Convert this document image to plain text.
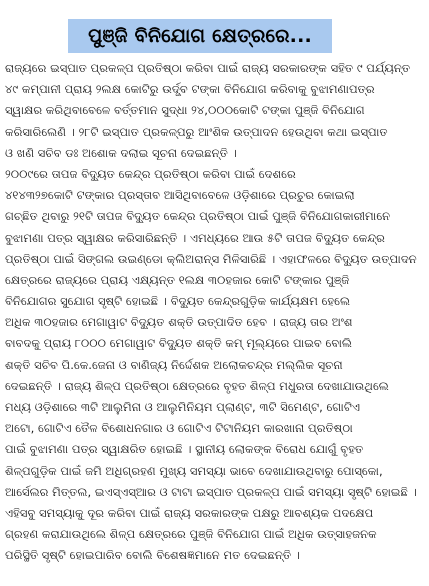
ପୁଞ୍ଜି ବିନିଯୋଗ କ୍ଷେତ୍ରରେ...
ରାଜ୍ୟରେ ଇସ୍ପାତ ପ୍ରକଳ୍ପ ପ୍ରତିଷ୍ଠା କରିବା ପାଇଁ ରାଜ୍ୟ ସରକାରଙ୍କ ସହିତ ୯ ପର୍ଯ୍ୟନ୍ତ
୪୯ କମ୍ପାନୀ ପ୍ରାୟ ୨ଲକ୍ଷ କୋଟିରୁ ଉର୍ଦ୍ଧ୍ବ ଟଙ୍କା ବିନିଯୋଗ କରିବାକୁ ବୁଝାମଣାପତ୍ର
ସ୍ୱାକ୍ଷର କରିଥିବାବେଳେ ବର୍ତ୍ତମାନ ସୁଦ୍ଧା ୨୪,୦୦୦କୋଟି ଟଙ୍କା ପୁଞ୍ଜି ବିନିଯୋଗ
କରିସାରିଲେଣି । ୨୮ଟି ଇସ୍ପାତ ପ୍ରକଳ୍ପରୁ ଆଂଶିକ ଉତ୍ପାଦନ ହେଉଥିବା କଥା ଇସ୍ପାତ
ଓ ଖଣି ସଚିବ ଡଃ ଅଶୋକ ଦଲାଇ ସୂଚନା ଦେଇଛନ୍ତି ।
୨୦୦୯ରେ ତାପଜ ବିଦ୍ୟୁତ କେନ୍ଦ୍ର ପ୍ରତିଷ୍ଠା କରିବା ପାଇଁ ଦେଶରେ
୪୧୪୩୨୭କୋଟି ଟଙ୍କାର ପ୍ରସ୍ତାବ ଆସିଥିବାବେଳେ ଓଡ଼ିଶାରେ ପ୍ରଚୁର କୋଇଲା
ଗଚ୍ଛିତ ଥିବାରୁ ୨୧ଟି ତାପଜ ବିଦ୍ୟୁତ କେନ୍ଦ୍ର ପ୍ରତିଷ୍ଠା ପାଇଁ ପୁଞ୍ଜି ବିନିଯୋଗକାରୀମାନେ
ବୁଝାମଣା ପତ୍ର ସ୍ୱାକ୍ଷର କରିସାରିଛନ୍ତି । ଏମଧ୍ୟରେ ଆଉ ୫ଟି ତାପଜ ବିଦ୍ୟୁତ କେନ୍ଦ୍ର
ପ୍ରତିଷ୍ଠା ପାଇଁ ସିଙ୍ଗଲ ଉଇଣ୍ଡୋ କ୍ଲିଅରାନ୍ସ ମିଳିସାରିଛି । ଏହାଫଳରେ ବିଦ୍ୟୁତ ଉତ୍ପାଦନ
କ୍ଷେତ୍ରରେ ରାଜ୍ୟରେ ପ୍ରାୟ ଏକ୍ଷ୍ୟନ୍ତ ୧ଲକ୍ଷ ୩୦ହଜାର କୋଟି ଟଙ୍କାର ପୁଞ୍ଜି
ବିନିଯୋଗର ସୁଯୋଗ ସୃଷ୍ଟି ହୋଇଛି । ବିଦ୍ୟୁତ କେନ୍ଦ୍ରଗୁଡ଼ିକ କାର୍ଯ୍ୟକ୍ଷମ ହେଲେ
ଅଧିକ ୩୦ହଜାର ମେଗାୱାଟ ବିଦ୍ୟୁତ ଶକ୍ତି ଉତ୍ପାଦିତ ହେବ । ରାଜ୍ୟ ତାର ଅଂଶ
ବାବଦକୁ ପ୍ରାୟ ୮୦୦୦ ମେଗାୱାଟ ବିଦ୍ୟୁତ ଶକ୍ତି କମ୍ ମୂଲ୍ୟରେ ପାଇବ ବୋଲି
ଶକ୍ତି ସଚିବ ପି.କେ.ଜେନା ଓ ବାଣିଜ୍ୟ ନିର୍ଦ୍ଦେଶକ ଅଲୋକଚନ୍ଦ୍ର ମଲ୍ଲିକ ସୂଚନା
ଦେଇଛନ୍ତି । ରାଜ୍ୟ ଶିଳ୍ପ ପ୍ରତିଷ୍ଠା କ୍ଷେତ୍ରରେ ବୃହତ ଶିଳ୍ପ ମଧୁରତା ଦେଖାଯାଉଥିଲେ
ମଧ୍ୟ ଓଡ଼ିଶାରେ ୩ଟି ଆଲୁମିନା ଓ ଆଲୁମିନିୟମ ପ୍ଲାଣ୍ଟ, ୩ଟି ସିମେଣ୍ଟ, ଗୋଟିଏ
ଅଟୋ, ଗୋଟିଏ ତୈଳ ବିଶୋଧନଗାର ଓ ଗୋଟିଏ ଟିଟାନିୟମ କାରଖାନା ପ୍ରତିଷ୍ଠା
ପାଇଁ ବୁଝାମଣା ପତ୍ର ସ୍ୱାକ୍ଷରିତ ହୋଇଛି । ସ୍ଥାନୀୟ ଲୋକଙ୍କ ବିରୋଧ ଯୋଗୁଁ ବୃହତ
ଶିଳ୍ପଗୁଡ଼ିକ ପାଇଁ ଜମି ଅଧିଗ୍ରହଣ ମୁଖ୍ୟ ସମସ୍ୟା ଭାବେ ଦେଖାଯାଉଥିବାରୁ ପୋସ୍କୋ,
ଆର୍ସେଲର ମିତ୍ତଲ, ଇଏସ୍ଏସ୍ଆର ଓ ଟାଟା ଇସ୍ପାତ ପ୍ରକଳ୍ପ ପାଇଁ ସମସ୍ୟା ସୃଷ୍ଟି ହୋଇଛି ।
ଏହିସବୁ ସମସ୍ୟାକୁ ଦୂର କରିବା ପାଇଁ ରାଜ୍ୟ ସରକାରଙ୍କ ପକ୍ଷରୁ ଆବଶ୍ୟକ ପଦକ୍ଷେପ
ଗ୍ରହଣ କରାଯାଉଥିଲେ ଶିଳ୍ପ କ୍ଷେତ୍ରରେ ପୁଞ୍ଜି ବିନିଯୋଗ ପାଇଁ ଅଧିକ ଉତ୍ସାହଜନକ
ପରିସ୍ଥିତି ସୃଷ୍ଟି ହୋଇପାରିବ ବୋଲି ବିଶେଷଜ୍ଞମାନେ ମତ ଦେଇଛନ୍ତି ।
